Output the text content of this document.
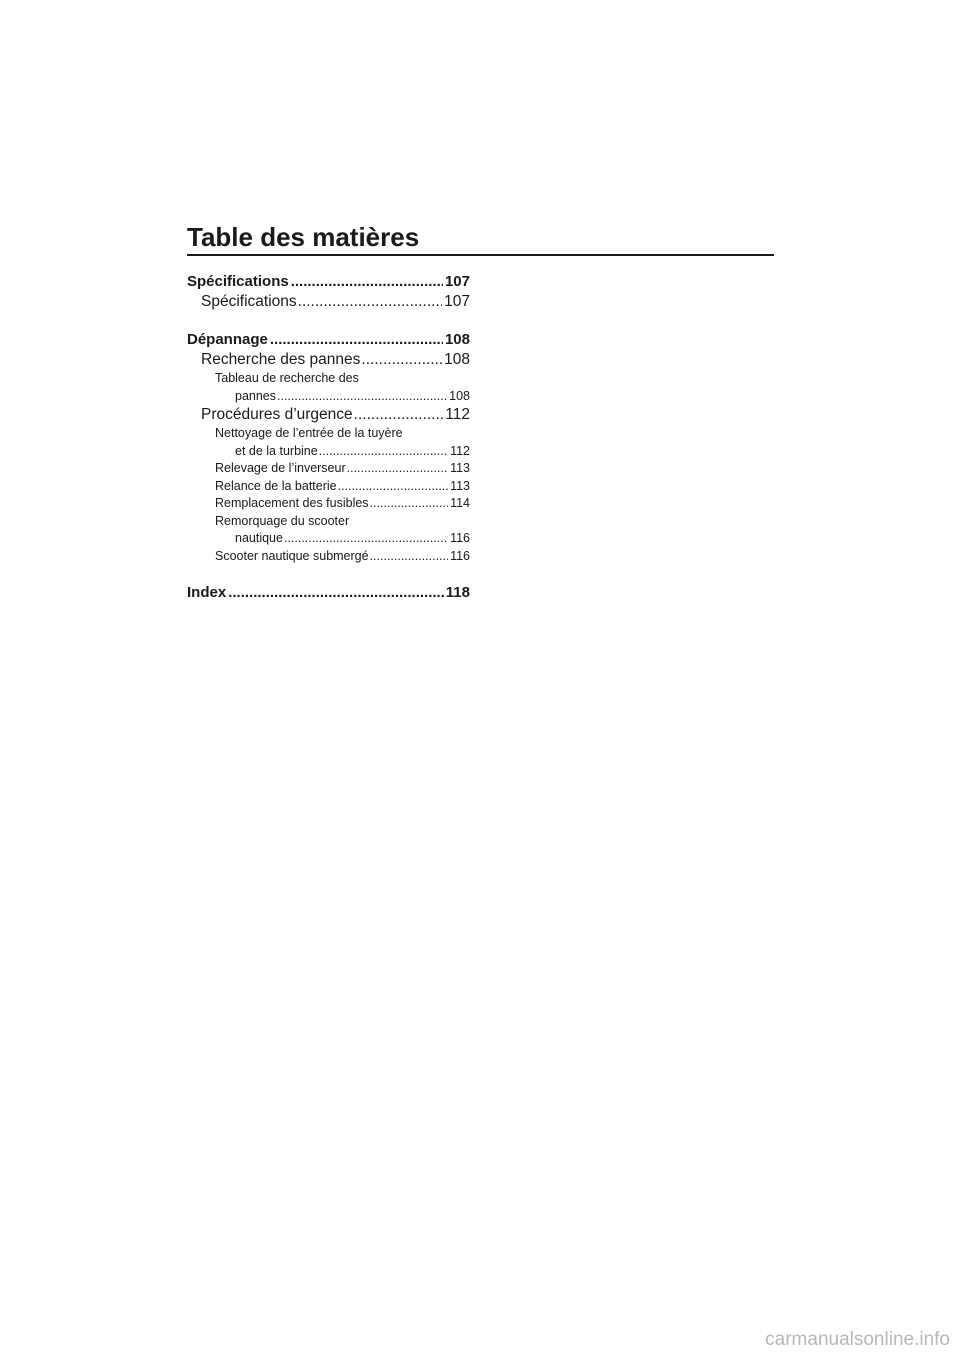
Table des matières
Spécifications .....	107
Spécifications .....	107
Dépannage .....	108
Recherche des pannes .....	108
Tableau de recherche des
pannes .....	108
Procédures d’urgence .....	112
Nettoyage de l’entrée de la tuyère
et de la turbine .....	112
Relevage de l’inverseur .....	113
Relance de la batterie .....	113
Remplacement des fusibles .....	114
Remorquage du scooter
nautique .....	116
Scooter nautique submergé .....	116
Index .....	118
carmanualsonline.info
